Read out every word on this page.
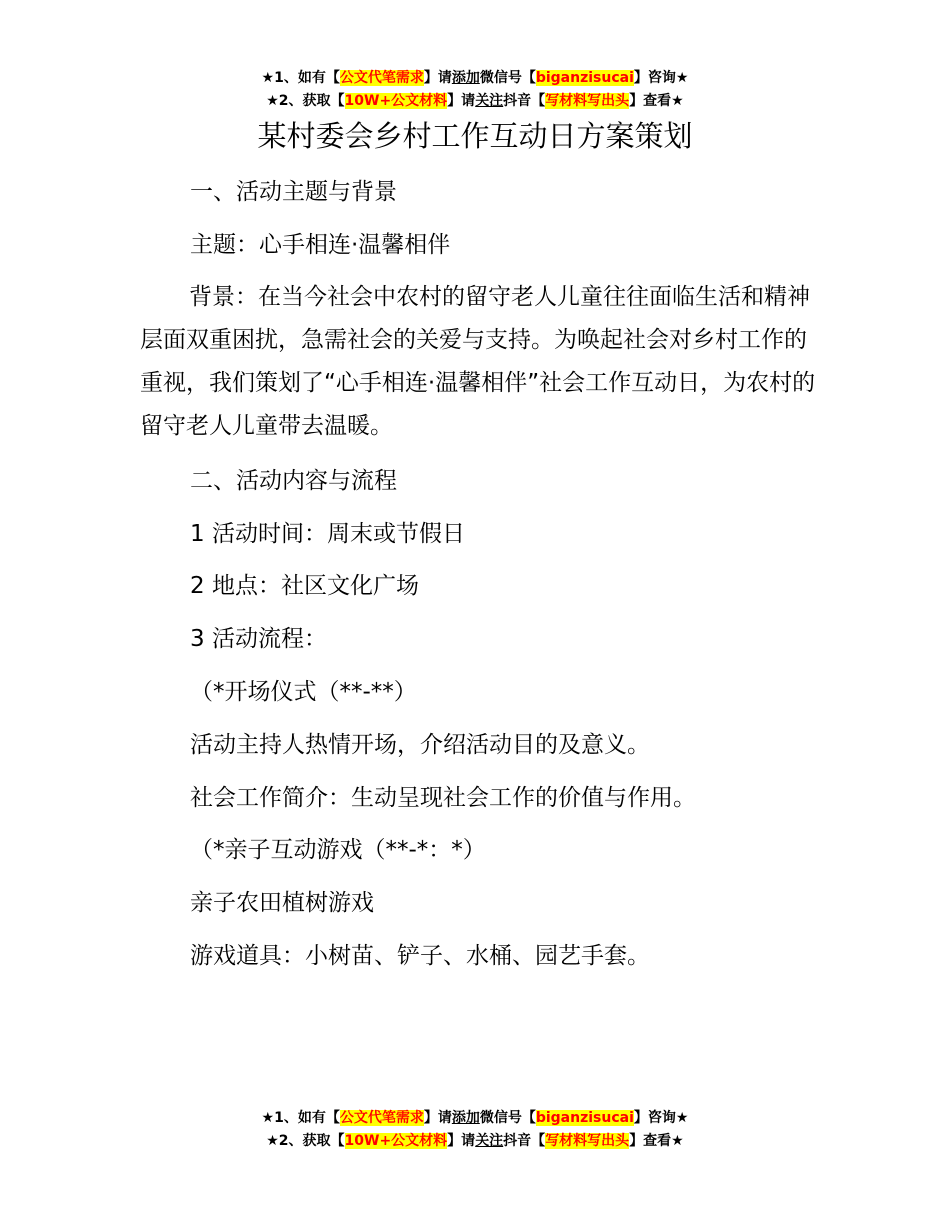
★1、如有【公文代笔需求】请添加微信号【biganzisucai】咨询★
★2、获取【10W+公文材料】请关注抖音【写材料写出头】查看★
某村委会乡村工作互动日方案策划
一、活动主题与背景
主题：心手相连·温馨相伴

背景：在当今社会中农村的留守老人儿童往往面临生活和精神层面双重困扰，急需社会的关爱与支持。为唤起社会对乡村工作的重视，我们策划了“心手相连·温馨相伴”社会工作互动日，为农村的留守老人儿童带去温暖。

二、活动内容与流程
1 活动时间：周末或节假日
2 地点：社区文化广场
3 活动流程：
（*开场仪式（**-**）
活动主持人热情开场，介绍活动目的及意义。
社会工作简介：生动呈现社会工作的价值与作用。
（*亲子互动游戏（**-*：*）
亲子农田植树游戏
游戏道具：小树苗、铲子、水桶、园艺手套。
★1、如有【公文代笔需求】请添加微信号【biganzisucai】咨询★
★2、获取【10W+公文材料】请关注抖音【写材料写出头】查看★
